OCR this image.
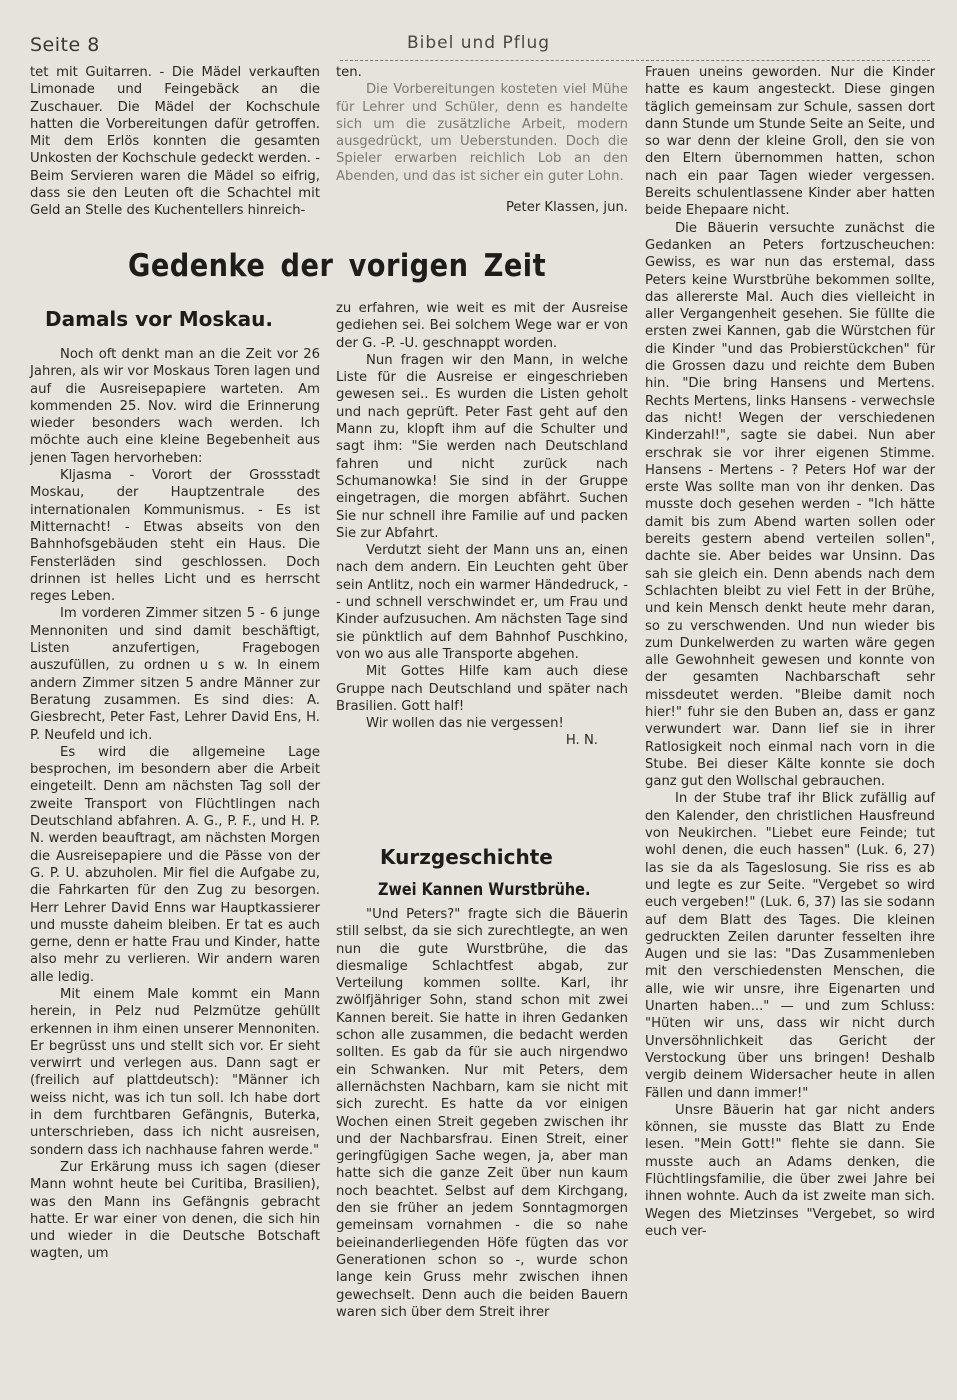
Seite 8	Bibel und Pflug

tet mit Guitarren. - Die Mädel verkauften Limonade und Feingebäck an die Zuschauer. Die Mädel der Kochschule hatten die Vorbereitungen dafür getroffen. Mit dem Erlös konnten die gesamten Unkosten der Kochschule gedeckt werden. - Beim Servieren waren die Mädel so eifrig, dass sie den Leuten oft die Schachtel mit Geld an Stelle des Kuchentellers hinreich-

ten.

Die Vorbereitungen kosteten viel Mühe für Lehrer und Schüler, denn es handelte sich um die zusätzliche Arbeit, modern ausgedrückt, um Ueberstunden. Doch die Spieler erwarben reichlich Lob an den Abenden, und das ist sicher ein guter Lohn.

Peter Klassen, jun.

Gedenke der vorigen Zeit
Damals vor Moskau.

Noch oft denkt man an die Zeit vor 26 Jahren, als wir vor Moskaus Toren lagen und auf die Ausreisepapiere warteten. Am kommenden 25. Nov. wird die Erinnerung wieder besonders wach werden. Ich möchte auch eine kleine Begebenheit aus jenen Tagen hervorheben:

Kljasma - Vorort der Grossstadt Moskau, der Hauptzentrale des internationalen Kommunismus. - Es ist Mitternacht! - Etwas abseits von den Bahnhofsgebäuden steht ein Haus. Die Fensterläden sind geschlossen. Doch drinnen ist helles Licht und es herrscht reges Leben.

Im vorderen Zimmer sitzen 5 - 6 junge Mennoniten und sind damit beschäftigt, Listen anzufertigen, Fragebogen auszufüllen, zu ordnen u s w. In einem andern Zimmer sitzen 5 andre Männer zur Beratung zusammen. Es sind dies: A. Giesbrecht, Peter Fast, Lehrer David Ens, H. P. Neufeld und ich.

Es wird die allgemeine Lage besprochen, im besondern aber die Arbeit eingeteilt. Denn am nächsten Tag soll der zweite Transport von Flüchtlingen nach Deutschland abfahren. A. G., P. F., und H. P. N. werden beauftragt, am nächsten Morgen die Ausreisepapiere und die Pässe von der G. P. U. abzuholen. Mir fiel die Aufgabe zu, die Fahrkarten für den Zug zu besorgen. Herr Lehrer David Enns war Hauptkassierer und musste daheim bleiben. Er tat es auch gerne, denn er hatte Frau und Kinder, hatte also mehr zu verlieren. Wir andern waren alle ledig.

Mit einem Male kommt ein Mann herein, in Pelz nud Pelzmütze gehüllt erkennen in ihm einen unserer Mennoniten. Er begrüsst uns und stellt sich vor. Er sieht verwirrt und verlegen aus. Dann sagt er (freilich auf plattdeutsch): "Männer ich weiss nicht, was ich tun soll. Ich habe dort in dem furchtbaren Gefängnis, Buterka, unterschrieben, dass ich nicht ausreisen, sondern dass ich nachhause fahren werde."

Zur Erkärung muss ich sagen (dieser Mann wohnt heute bei Curitiba, Brasilien), was den Mann ins Gefängnis gebracht hatte. Er war einer von denen, die sich hin und wieder in die Deutsche Botschaft wagten, um

zu erfahren, wie weit es mit der Ausreise gediehen sei. Bei solchem Wege war er von der G. -P. -U. geschnappt worden.

Nun fragen wir den Mann, in welche Liste für die Ausreise er eingeschrieben gewesen sei.. Es wurden die Listen geholt und nach geprüft. Peter Fast geht auf den Mann zu, klopft ihm auf die Schulter und sagt ihm: "Sie werden nach Deutschland fahren und nicht zurück nach Schumanowka! Sie sind in der Gruppe eingetragen, die morgen abfährt. Suchen Sie nur schnell ihre Familie auf und packen Sie zur Abfahrt.

Verdutzt sieht der Mann uns an, einen nach dem andern. Ein Leuchten geht über sein Antlitz, noch ein warmer Händedruck, -- und schnell verschwindet er, um Frau und Kinder aufzusuchen. Am nächsten Tage sind sie pünktlich auf dem Bahnhof Puschkino, von wo aus alle Transporte abgehen.

Mit Gottes Hilfe kam auch diese Gruppe nach Deutschland und später nach Brasilien. Gott half!

Wir wollen das nie vergessen!

H. N.

Kurzgeschichte
Zwei Kannen Wurstbrühe.

"Und Peters?" fragte sich die Bäuerin still selbst, da sie sich zurechtlegte, an wen nun die gute Wurstbrühe, die das diesmalige Schlachtfest abgab, zur Verteilung kommen sollte. Karl, ihr zwölfjähriger Sohn, stand schon mit zwei Kannen bereit. Sie hatte in ihren Gedanken schon alle zusammen, die bedacht werden sollten. Es gab da für sie auch nirgendwo ein Schwanken. Nur mit Peters, dem allernächsten Nachbarn, kam sie nicht mit sich zurecht. Es hatte da vor einigen Wochen einen Streit gegeben zwischen ihr und der Nachbarsfrau. Einen Streit, einer geringfügigen Sache wegen, ja, aber man hatte sich die ganze Zeit über nun kaum noch beachtet. Selbst auf dem Kirchgang, den sie früher an jedem Sonntagmorgen gemeinsam vornahmen - die so nahe beieinanderliegenden Höfe fügten das vor Generationen schon so -, wurde schon lange kein Gruss mehr zwischen ihnen gewechselt. Denn auch die beiden Bauern waren sich über dem Streit ihrer

Frauen uneins geworden. Nur die Kinder hatte es kaum angesteckt. Diese gingen täglich gemeinsam zur Schule, sassen dort dann Stunde um Stunde Seite an Seite, und so war denn der kleine Groll, den sie von den Eltern übernommen hatten, schon nach ein paar Tagen wieder vergessen. Bereits schulentlassene Kinder aber hatten beide Ehepaare nicht.

Die Bäuerin versuchte zunächst die Gedanken an Peters fortzuscheuchen: Gewiss, es war nun das erstemal, dass Peters keine Wurstbrühe bekommen sollte, das allererste Mal. Auch dies vielleicht in aller Vergangenheit gesehen. Sie füllte die ersten zwei Kannen, gab die Würstchen für die Kinder "und das Probierstückchen" für die Grossen dazu und reichte dem Buben hin. "Die bring Hansens und Mertens. Rechts Mertens, links Hansens - verwechsle das nicht! Wegen der verschiedenen Kinderzahl!", sagte sie dabei. Nun aber erschrak sie vor ihrer eigenen Stimme. Hansens - Mertens - ? Peters Hof war der erste Was sollte man von ihr denken. Das musste doch gesehen werden - "Ich hätte damit bis zum Abend warten sollen oder bereits gestern abend verteilen sollen", dachte sie. Aber beides war Unsinn. Das sah sie gleich ein. Denn abends nach dem Schlachten bleibt zu viel Fett in der Brühe, und kein Mensch denkt heute mehr daran, so zu verschwenden. Und nun wieder bis zum Dunkelwerden zu warten wäre gegen alle Gewohnheit gewesen und konnte von der gesamten Nachbarschaft sehr missdeutet werden. "Bleibe damit noch hier!" fuhr sie den Buben an, dass er ganz verwundert war. Dann lief sie in ihrer Ratlosigkeit noch einmal nach vorn in die Stube. Bei dieser Kälte konnte sie doch ganz gut den Wollschal gebrauchen.

In der Stube traf ihr Blick zufällig auf den Kalender, den christlichen Hausfreund von Neukirchen. "Liebet eure Feinde; tut wohl denen, die euch hassen" (Luk. 6, 27) las sie da als Tageslosung. Sie riss es ab und legte es zur Seite. "Vergebet so wird euch vergeben!" (Luk. 6, 37) las sie sodann auf dem Blatt des Tages. Die kleinen gedruckten Zeilen darunter fesselten ihre Augen und sie las: "Das Zusammenleben mit den verschiedensten Menschen, die alle, wie wir unsre, ihre Eigenarten und Unarten haben..." — und zum Schluss: "Hüten wir uns, dass wir nicht durch Unversöhnlichkeit das Gericht der Verstockung über uns bringen! Deshalb vergib deinem Widersacher heute in allen Fällen und dann immer!"

Unsre Bäuerin hat gar nicht anders können, sie musste das Blatt zu Ende lesen. "Mein Gott!" flehte sie dann. Sie musste auch an Adams denken, die Flüchtlingsfamilie, die über zwei Jahre bei ihnen wohnte. Auch da ist zweite man sich. Wegen des Mietzinses "Vergebet, so wird euch ver-
